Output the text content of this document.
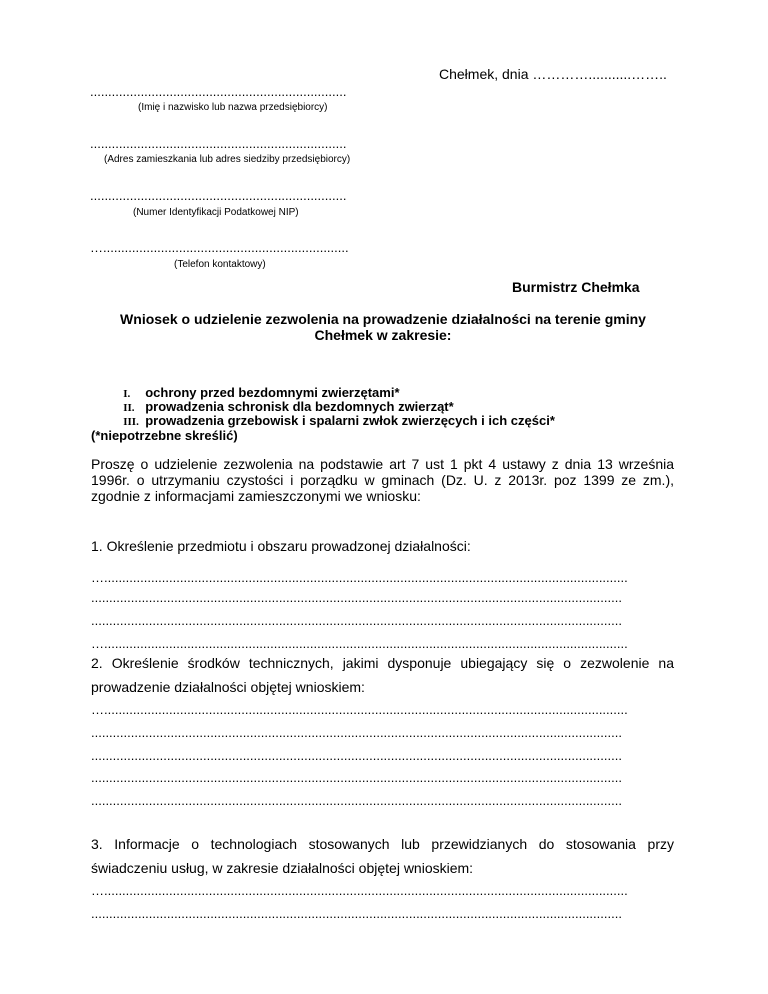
Chełmek, dnia …………...........……..
.......................................................................
(Imię i nazwisko lub nazwa przedsiębiorcy)
.......................................................................
(Adres zamieszkania lub adres siedziby przedsiębiorcy)
.......................................................................
(Numer Identyfikacji Podatkowej NIP)
…....................................................................
(Telefon kontaktowy)
Burmistrz Chełmka
Wniosek o udzielenie zezwolenia na prowadzenie działalności na terenie gminy
Chełmek w zakresie:

I. ochrony przed bezdomnymi zwierzętami*

II. prowadzenia schronisk dla bezdomnych zwierząt*

III. prowadzenia grzebowisk i spalarni zwłok zwierzęcych i ich części*

(*niepotrzebne skreślić)
Proszę o udzielenie zezwolenia na podstawie art 7 ust 1 pkt 4 ustawy z dnia 13 września
1996r. o utrzymaniu czystości i porządku w gminach (Dz. U. z 2013r. poz 1399 ze zm.),
zgodnie z informacjami zamieszczonymi we wniosku:
1. Określenie przedmiotu i obszaru prowadzonej działalności:
….................................................................................................................................................
...................................................................................................................................................
...................................................................................................................................................
….................................................................................................................................................
2. Określenie środków technicznych, jakimi dysponuje ubiegający się o zezwolenie na
prowadzenie działalności objętej wnioskiem:
….................................................................................................................................................
...................................................................................................................................................
...................................................................................................................................................
...................................................................................................................................................
...................................................................................................................................................
3. Informacje o technologiach stosowanych lub przewidzianych do stosowania przy
świadczeniu usług, w zakresie działalności objętej wnioskiem:
….................................................................................................................................................
...................................................................................................................................................
